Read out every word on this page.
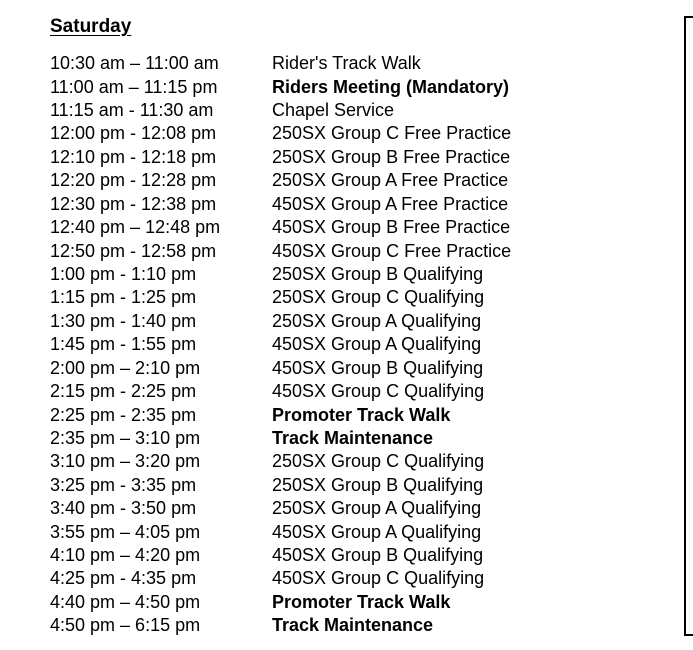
Saturday
10:30 am – 11:00 am	Rider's Track Walk
11:00 am – 11:15 pm	Riders Meeting (Mandatory)
11:15 am - 11:30 am	Chapel Service
12:00 pm - 12:08 pm	250SX Group C Free Practice
12:10 pm - 12:18 pm	250SX Group B Free Practice
12:20 pm - 12:28 pm	250SX Group A Free Practice
12:30 pm - 12:38 pm	450SX Group A Free Practice
12:40 pm – 12:48 pm	450SX Group B Free Practice
12:50 pm - 12:58 pm	450SX Group C Free Practice
1:00 pm - 1:10 pm	250SX Group B Qualifying
1:15 pm - 1:25 pm	250SX Group C Qualifying
1:30 pm - 1:40 pm	250SX Group A Qualifying
1:45 pm - 1:55 pm	450SX Group A Qualifying
2:00 pm – 2:10 pm	450SX Group B Qualifying
2:15 pm - 2:25 pm	450SX Group C Qualifying
2:25 pm - 2:35 pm	Promoter Track Walk
2:35 pm – 3:10 pm	Track Maintenance
3:10 pm – 3:20 pm	250SX Group C Qualifying
3:25 pm - 3:35 pm	250SX Group B Qualifying
3:40 pm - 3:50 pm	250SX Group A Qualifying
3:55 pm – 4:05 pm	450SX Group A Qualifying
4:10 pm – 4:20 pm	450SX Group B Qualifying
4:25 pm - 4:35 pm	450SX Group C Qualifying
4:40 pm – 4:50 pm	Promoter Track Walk
4:50 pm – 6:15 pm	Track Maintenance
